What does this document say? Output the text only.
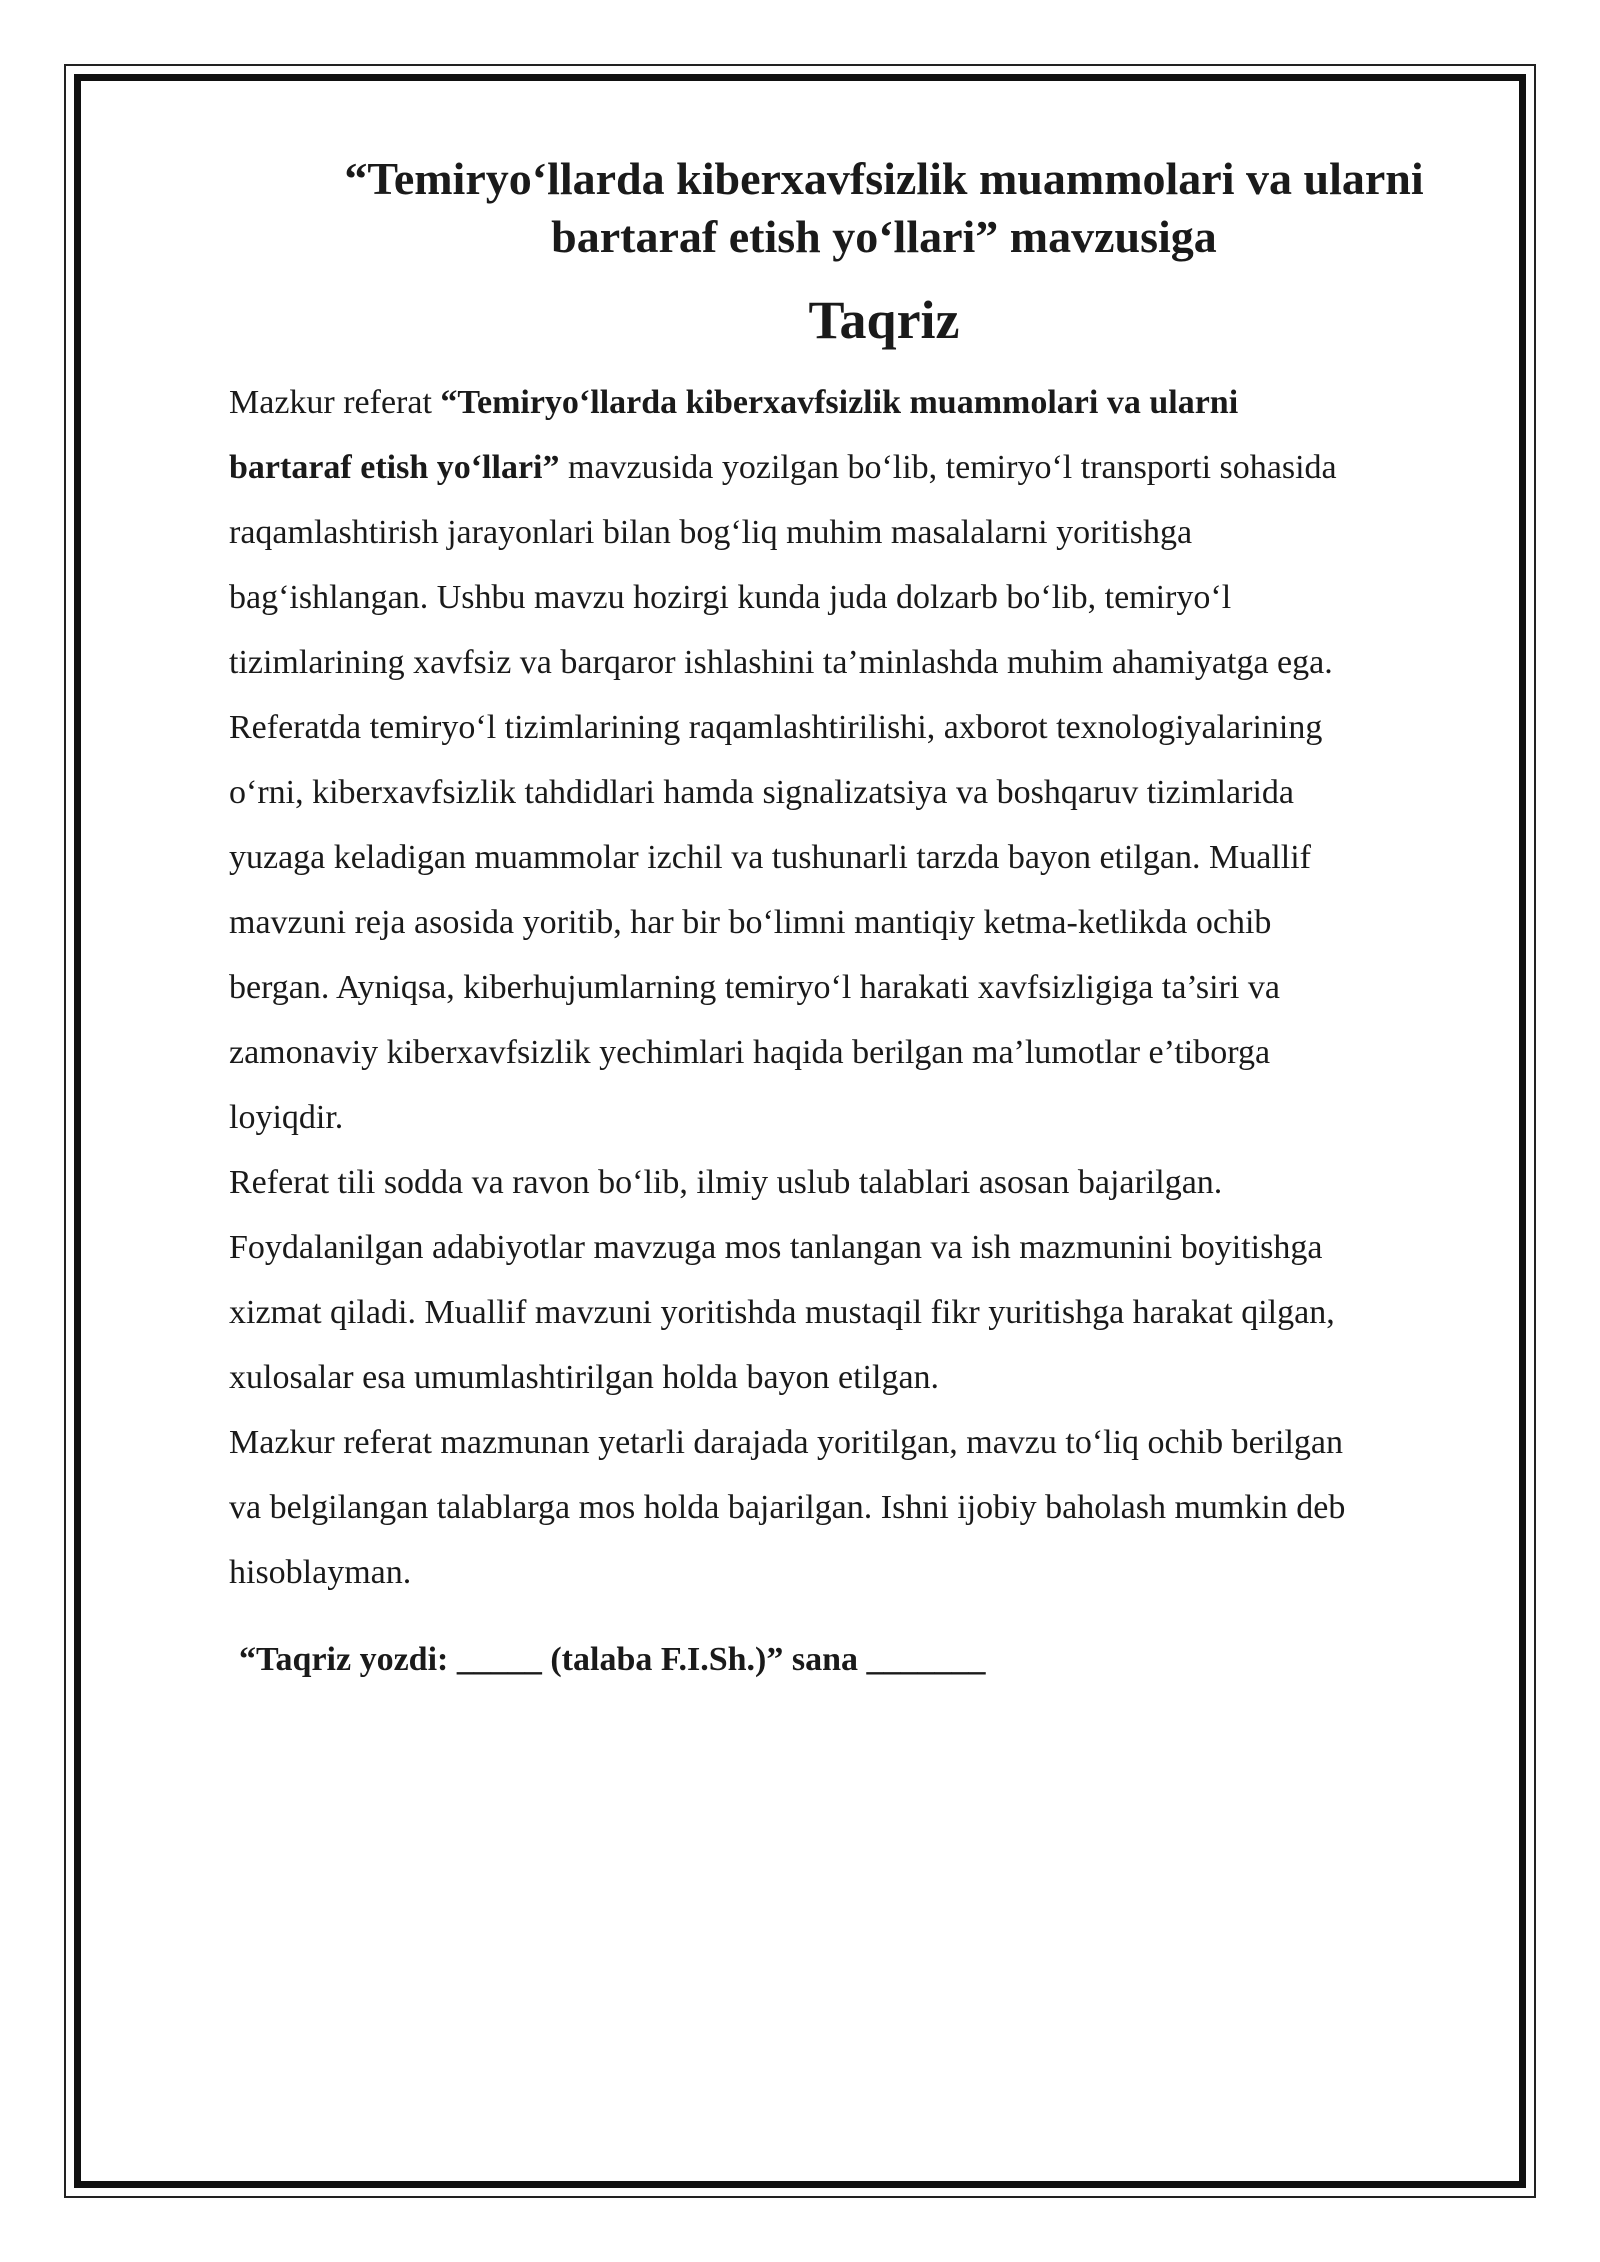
“Temiryo‘llarda kiberxavfsizlik muammolari va ularni bartaraf etish yo‘llari” mavzusiga
Taqriz

Mazkur referat “Temiryo‘llarda kiberxavfsizlik muammolari va ularni
bartaraf etish yo‘llari” mavzusida yozilgan bo‘lib, temiryo‘l transporti sohasida
raqamlashtirish jarayonlari bilan bog‘liq muhim masalalarni yoritishga
bag‘ishlangan. Ushbu mavzu hozirgi kunda juda dolzarb bo‘lib, temiryo‘l
tizimlarining xavfsiz va barqaror ishlashini ta’minlashda muhim ahamiyatga ega.
Referatda temiryo‘l tizimlarining raqamlashtirilishi, axborot texnologiyalarining
o‘rni, kiberxavfsizlik tahdidlari hamda signalizatsiya va boshqaruv tizimlarida
yuzaga keladigan muammolar izchil va tushunarli tarzda bayon etilgan. Muallif
mavzuni reja asosida yoritib, har bir bo‘limni mantiqiy ketma-ketlikda ochib
bergan. Ayniqsa, kiberhujumlarning temiryo‘l harakati xavfsizligiga ta’siri va
zamonaviy kiberxavfsizlik yechimlari haqida berilgan ma’lumotlar e’tiborga
loyiqdir.

Referat tili sodda va ravon bo‘lib, ilmiy uslub talablari asosan bajarilgan.
Foydalanilgan adabiyotlar mavzuga mos tanlangan va ish mazmunini boyitishga
xizmat qiladi. Muallif mavzuni yoritishda mustaqil fikr yuritishga harakat qilgan,
xulosalar esa umumlashtirilgan holda bayon etilgan.

Mazkur referat mazmunan yetarli darajada yoritilgan, mavzu to‘liq ochib berilgan
va belgilangan talablarga mos holda bajarilgan. Ishni ijobiy baholash mumkin deb
hisoblayman.

“Taqriz yozdi: _____ (talaba F.I.Sh.)” sana _______
